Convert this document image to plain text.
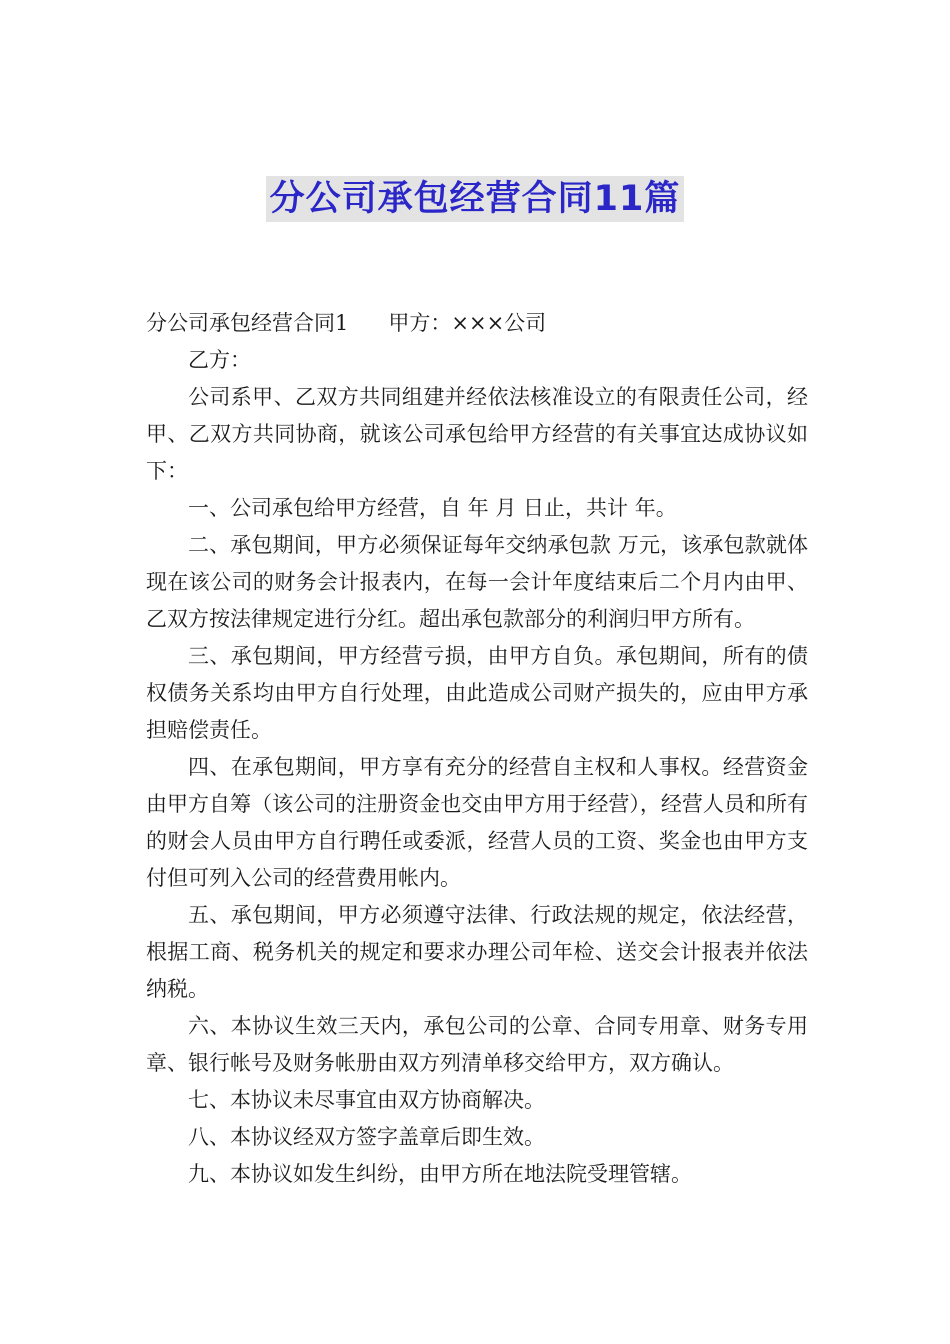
分公司承包经营合同11篇

分公司承包经营合同1 甲方：×××公司

乙方：

公司系甲、乙双方共同组建并经依法核准设立的有限责任公司，经甲、乙双方共同协商，就该公司承包给甲方经营的有关事宜达成协议如下：

一、公司承包给甲方经营，自 年 月 日止，共计 年。

二、承包期间，甲方必须保证每年交纳承包款 万元，该承包款就体现在该公司的财务会计报表内，在每一会计年度结束后二个月内由甲、乙双方按法律规定进行分红。超出承包款部分的利润归甲方所有。

三、承包期间，甲方经营亏损，由甲方自负。承包期间，所有的债权债务关系均由甲方自行处理，由此造成公司财产损失的，应由甲方承担赔偿责任。

四、在承包期间，甲方享有充分的经营自主权和人事权。经营资金由甲方自筹（该公司的注册资金也交由甲方用于经营），经营人员和所有的财会人员由甲方自行聘任或委派，经营人员的工资、奖金也由甲方支付但可列入公司的经营费用帐内。

五、承包期间，甲方必须遵守法律、行政法规的规定，依法经营，根据工商、税务机关的规定和要求办理公司年检、送交会计报表并依法纳税。

六、本协议生效三天内，承包公司的公章、合同专用章、财务专用章、银行帐号及财务帐册由双方列清单移交给甲方，双方确认。

七、本协议未尽事宜由双方协商解决。

八、本协议经双方签字盖章后即生效。

九、本协议如发生纠纷，由甲方所在地法院受理管辖。
